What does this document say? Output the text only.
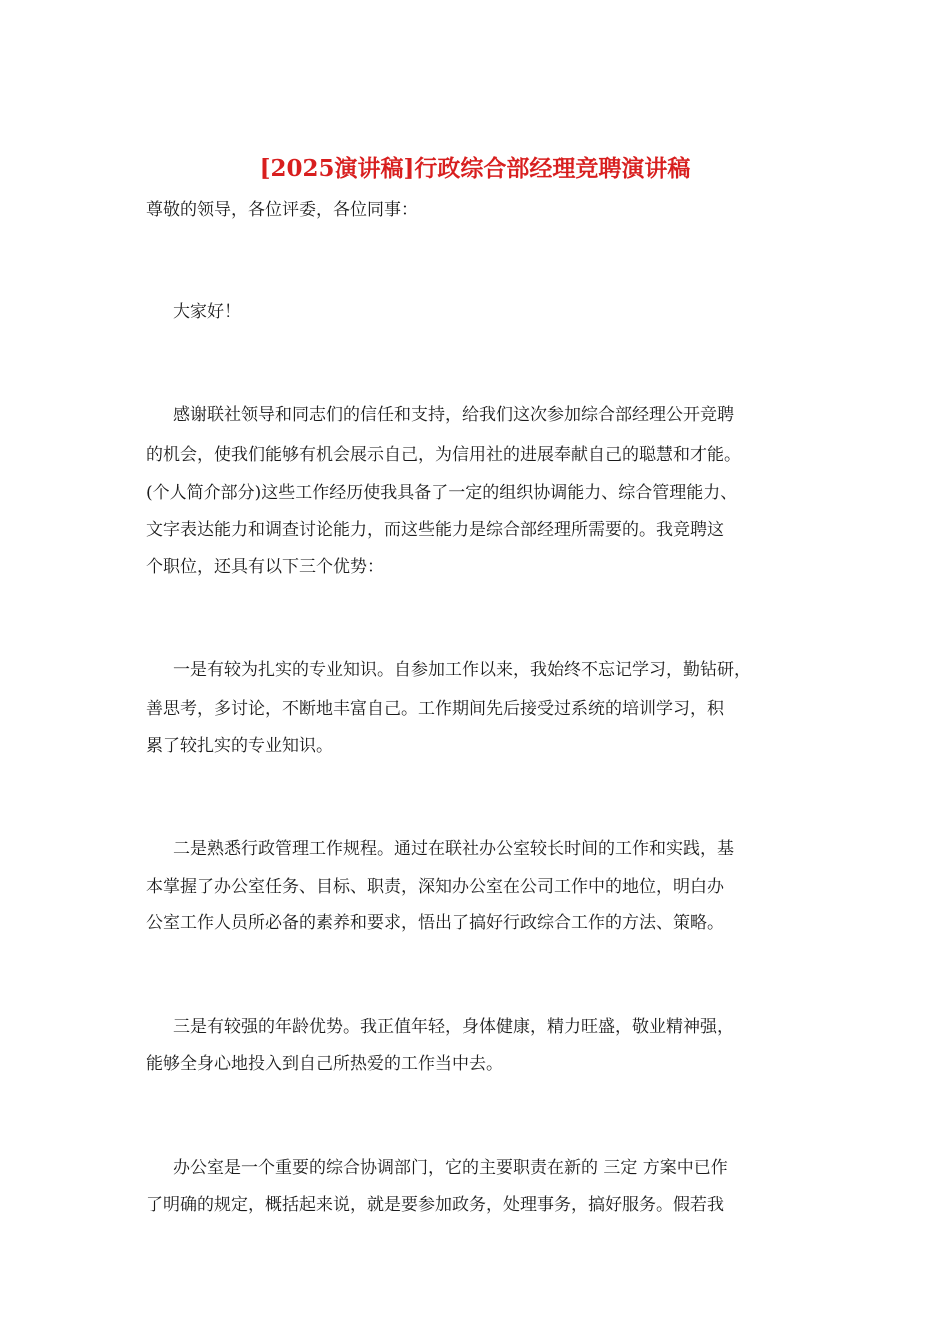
[2025演讲稿]行政综合部经理竞聘演讲稿

尊敬的领导，各位评委，各位同事：

大家好！

感谢联社领导和同志们的信任和支持，给我们这次参加综合部经理公开竞聘

的机会，使我们能够有机会展示自己，为信用社的进展奉献自己的聪慧和才能。

(个人简介部分)这些工作经历使我具备了一定的组织协调能力、综合管理能力、

文字表达能力和调查讨论能力，而这些能力是综合部经理所需要的。我竞聘这

个职位，还具有以下三个优势：

一是有较为扎实的专业知识。自参加工作以来，我始终不忘记学习，勤钻研，

善思考，多讨论，不断地丰富自己。工作期间先后接受过系统的培训学习，积

累了较扎实的专业知识。

二是熟悉行政管理工作规程。通过在联社办公室较长时间的工作和实践，基

本掌握了办公室任务、目标、职责，深知办公室在公司工作中的地位，明白办

公室工作人员所必备的素养和要求，悟出了搞好行政综合工作的方法、策略。

三是有较强的年龄优势。我正值年轻，身体健康，精力旺盛，敬业精神强，

能够全身心地投入到自己所热爱的工作当中去。

办公室是一个重要的综合协调部门，它的主要职责在新的 三定 方案中已作

了明确的规定，概括起来说，就是要参加政务，处理事务，搞好服务。假若我
